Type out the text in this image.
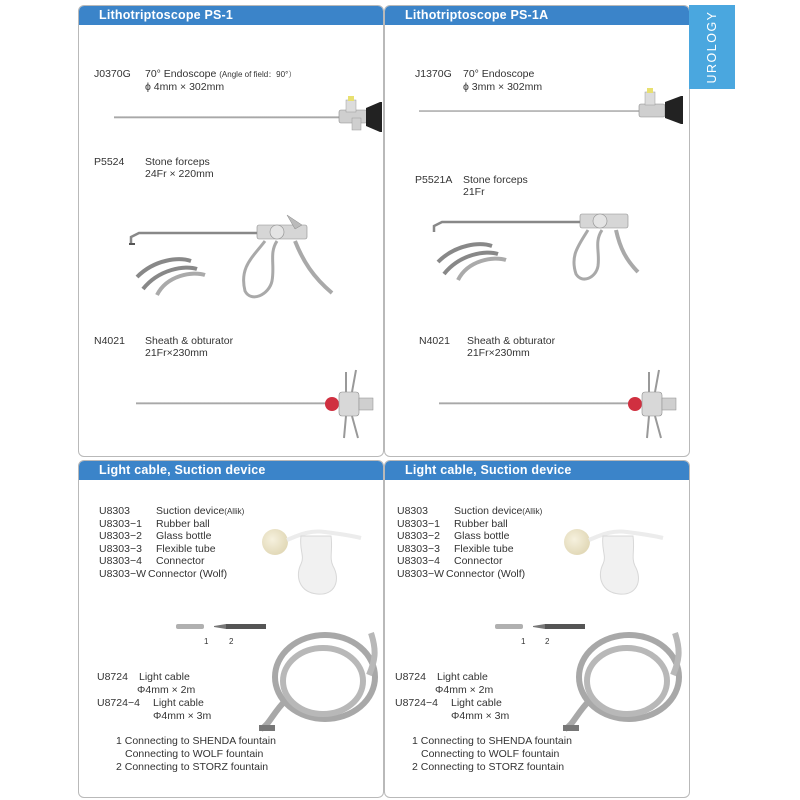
Lithotriptoscope PS-1
J0370G 70° Endoscope (Angle of field：90°）
ϕ 4mm × 302mm
P5524 Stone forceps
24Fr × 220mm
N4021 Sheath & obturator
21Fr×230mm
Lithotriptoscope PS-1A
J1370G 70° Endoscope
ϕ 3mm × 302mm
P5521A Stone forceps
21Fr
N4021 Sheath & obturator
21Fr×230mm
UROLOGY
Light cable, Suction device
U8303
U8303−1
U8303−2
U8303−3
U8303−4
U8303−W
Suction device(Allik)
Rubber ball
Glass bottle
Flexible tube
Connector
Connector (Wolf)
1	2
U8724 Light cable
Φ4mm × 2m
U8724−4 Light cable
Φ4mm × 3m
1 Connecting to SHENDA fountain
Connecting to WOLF fountain
2 Connecting to STORZ fountain
Light cable, Suction device
U8303
U8303−1
U8303−2
U8303−3
U8303−4
U8303−W
Suction device(Allik)
Rubber ball
Glass bottle
Flexible tube
Connector
Connector (Wolf)
1 2
U8724 Light cable
Φ4mm × 2m
U8724−4 Light cable
Φ4mm × 3m
1 Connecting to SHENDA fountain
Connecting to WOLF fountain
2 Connecting to STORZ fountain
